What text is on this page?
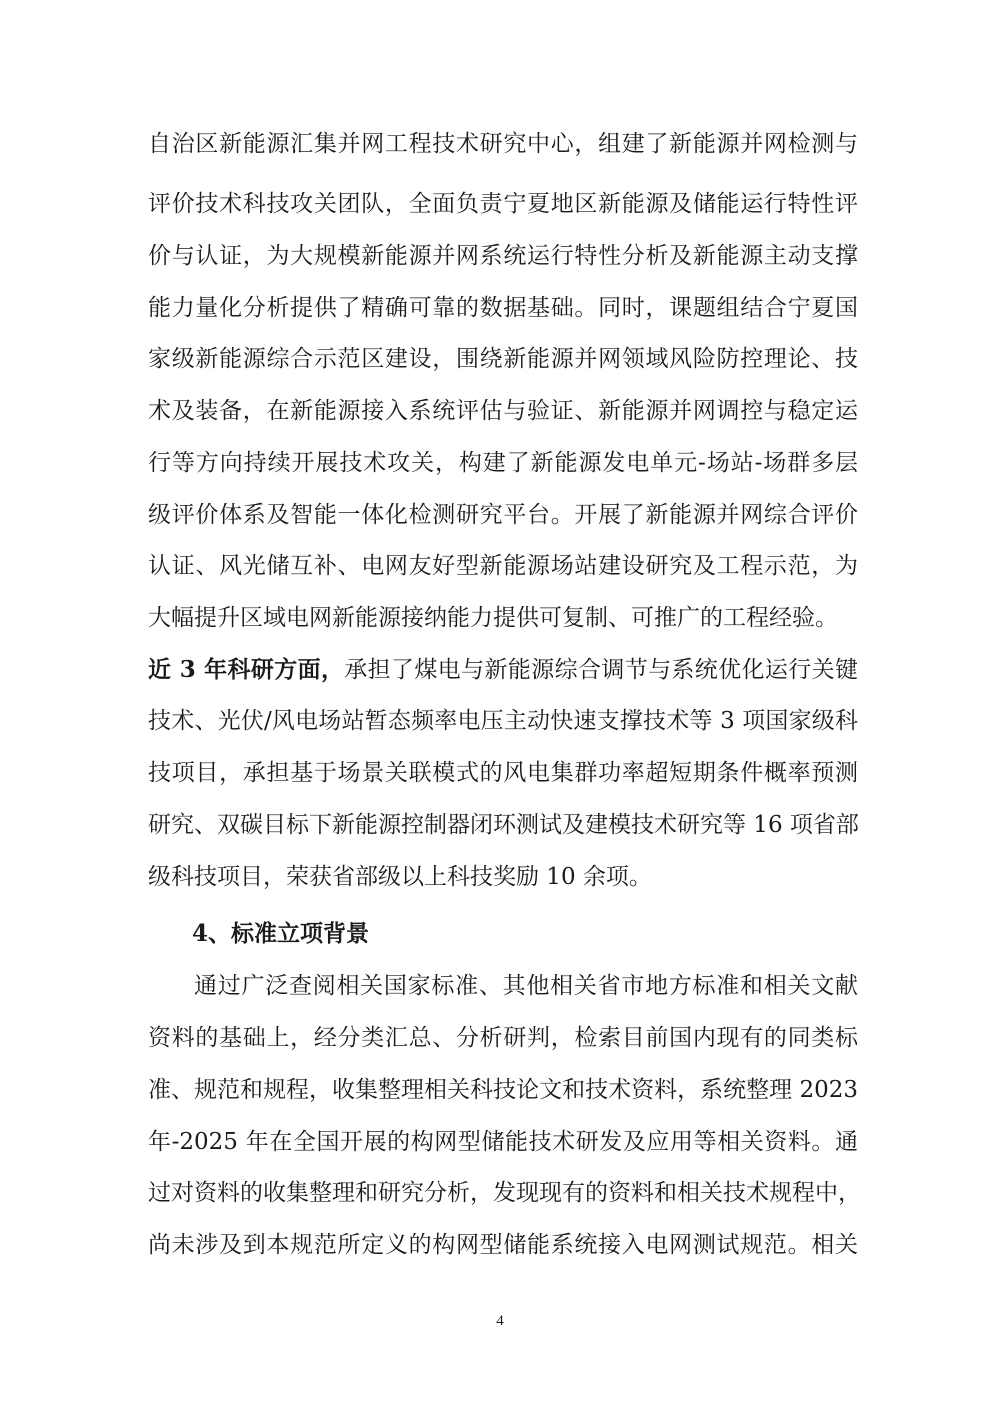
自治区新能源汇集并网工程技术研究中心，组建了新能源并网检测与
评价技术科技攻关团队，全面负责宁夏地区新能源及储能运行特性评
价与认证，为大规模新能源并网系统运行特性分析及新能源主动支撑
能力量化分析提供了精确可靠的数据基础。同时，课题组结合宁夏国
家级新能源综合示范区建设，围绕新能源并网领域风险防控理论、技
术及装备，在新能源接入系统评估与验证、新能源并网调控与稳定运
行等方向持续开展技术攻关，构建了新能源发电单元-场站-场群多层
级评价体系及智能一体化检测研究平台。开展了新能源并网综合评价
认证、风光储互补、电网友好型新能源场站建设研究及工程示范，为
大幅提升区域电网新能源接纳能力提供可复制、可推广的工程经验。
近 3 年科研方面，承担了煤电与新能源综合调节与系统优化运行关键
技术、光伏/风电场站暂态频率电压主动快速支撑技术等 3 项国家级科
技项目，承担基于场景关联模式的风电集群功率超短期条件概率预测
研究、双碳目标下新能源控制器闭环测试及建模技术研究等 16 项省部
级科技项目，荣获省部级以上科技奖励 10 余项。
4、标准立项背景
通过广泛查阅相关国家标准、其他相关省市地方标准和相关文献
资料的基础上，经分类汇总、分析研判，检索目前国内现有的同类标
准、规范和规程，收集整理相关科技论文和技术资料，系统整理 2023
年-2025 年在全国开展的构网型储能技术研发及应用等相关资料。通
过对资料的收集整理和研究分析，发现现有的资料和相关技术规程中，
尚未涉及到本规范所定义的构网型储能系统接入电网测试规范。相关
4
